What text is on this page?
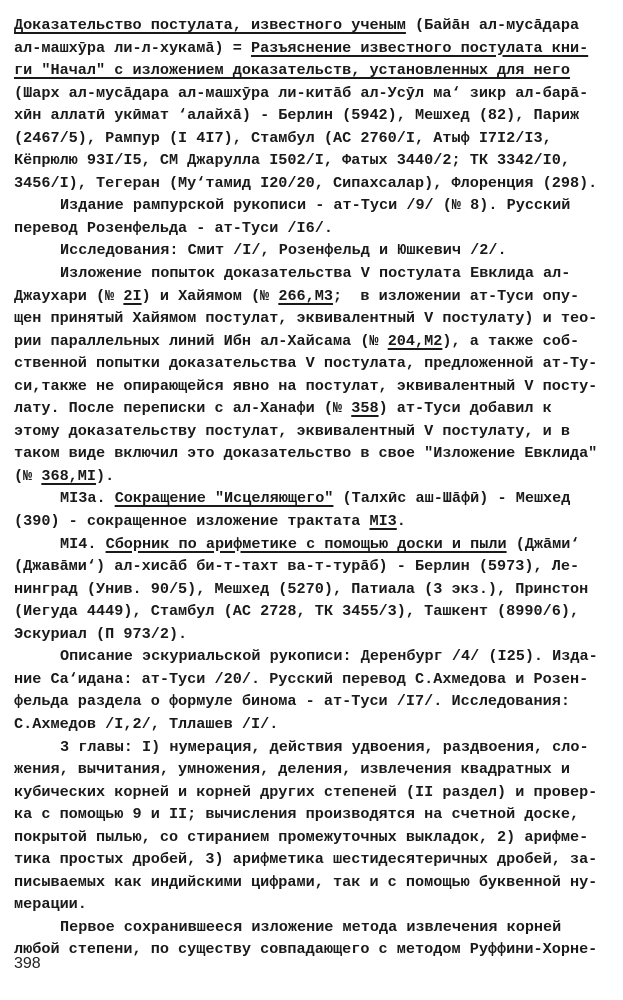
Доказательство постулата, известного ученым (Байāн ал-мусāдара
ал-машхӯра ли-л-хукамā) = Разъяснение известного постулата кни-
ги "Начал" с изложением доказательств, установленных для него
(Шарх ал-мусāдара ал-машхӯра ли-китāб ал-Усӯл ма‘ зикр ал-барā-
хӣн аллатӣ укӣмат ‘алайхā) - Берлин (5942), Мешхед (82), Париж
(2467/5), Рампур (I 4I7), Стамбул (АС 2760/I, Атыф I7I2/I3,
Кёпрюлю 93I/I5, СМ Джарулла I502/I, Фатых 3440/2; ТК 3342/I0,
3456/I), Тегеран (Му‘тамид I20/20, Сипахсалар), Флоренция (298).
Издание рампурской рукописи - ат-Туси /9/ (№ 8). Русский
перевод Розенфельда - ат-Туси /I6/.
Исследования: Смит /I/, Розенфельд и Юшкевич /2/.
Изложение попыток доказательства V постулата Евклида ал-
Джаухари (№ 2I) и Хайямом (№ 266,M3;  в изложении ат-Туси опу-
щен принятый Хайямом постулат, эквивалентный V постулату) и тео-
рии параллельных линий Ибн ал-Хайсама (№ 204,M2), а также соб-
ственной попытки доказательства V постулата, предложенной ат-Ту-
си,также не опирающейся явно на постулат, эквивалентный V посту-
лату. После переписки с ал-Ханафи (№ 358) ат-Туси добавил к
этому доказательству постулат, эквивалентный V постулату, и в
таком виде включил это доказательство в свое "Изложение Евклида"
(№ 368,MI).
MI3a. Сокращение "Исцеляющего" (Талхӣс аш-Шāфӣ) - Мешхед
(390) - сокращенное изложение трактата MI3.
MI4. Сборник по арифметике с помощью доски и пыли (Джāми‘
(Джавāми‘) ал-хисāб би-т-тахт ва-т-турāб) - Берлин (5973), Ле-
нинград (Унив. 90/5), Мешхед (5270), Патиала (3 экз.), Принстон
(Иегуда 4449), Стамбул (АС 2728, ТК 3455/3), Ташкент (8990/6),
Эскуриал (П 973/2).
Описание эскуриальской рукописи: Деренбург /4/ (I25). Изда-
ние Са‘идана: ат-Туси /20/. Русский перевод С.Ахмедова и Розен-
фельда раздела о формуле бинома - ат-Туси /I7/. Исследования:
С.Ахмедов /I,2/, Тллашев /I/.
3 главы: I) нумерация, действия удвоения, раздвоения, сло-
жения, вычитания, умножения, деления, извлечения квадратных и
кубических корней и корней других степеней (II раздел) и провер-
ка с помощью 9 и II; вычисления производятся на счетной доске,
покрытой пылью, со стиранием промежуточных выкладок, 2) арифме-
тика простых дробей, 3) арифметика шестидесятеричных дробей, за-
писываемых как индийскими цифрами, так и с помощью буквенной ну-
мерации.
Первое сохранившееся изложение метода извлечения корней
любой степени, по существу совпадающего с методом Руффини-Хорне-
398
